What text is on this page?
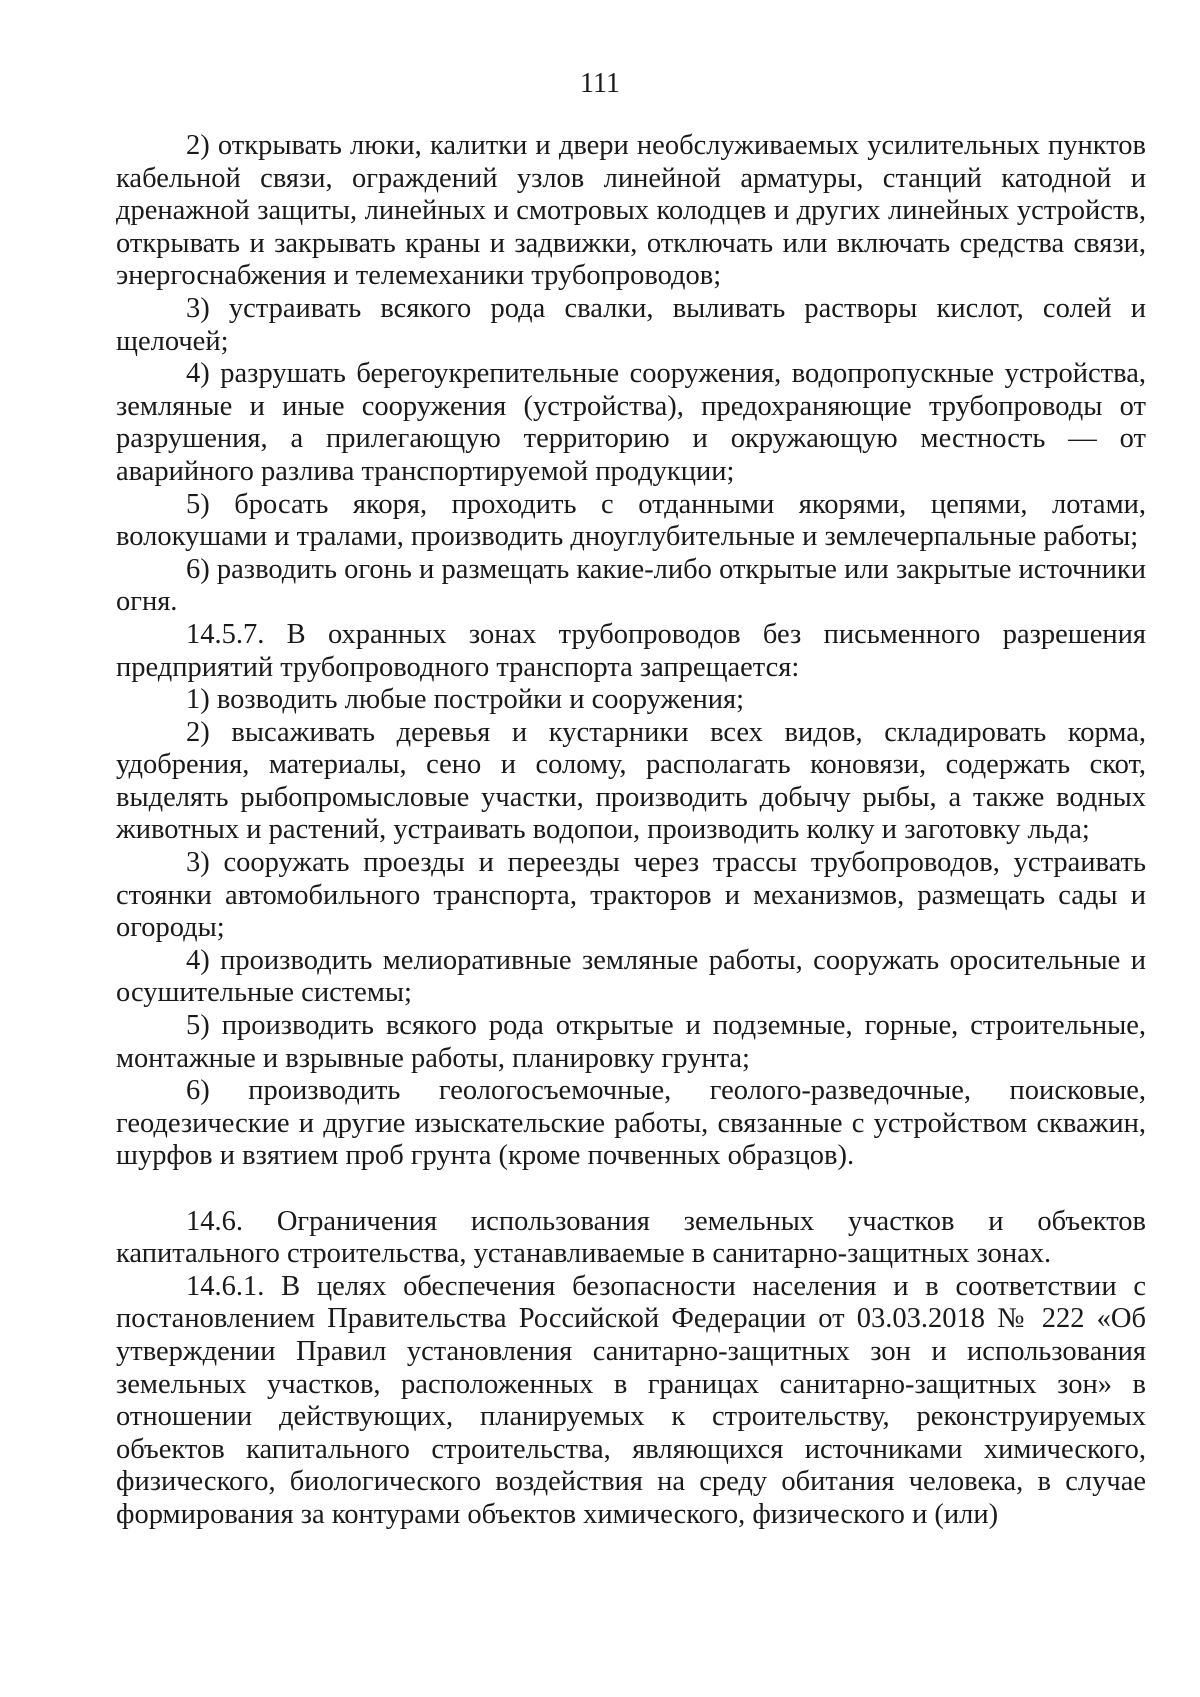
111

2) открывать люки, калитки и двери необслуживаемых усилительных пунктов кабельной связи, ограждений узлов линейной арматуры, станций катодной и дренажной защиты, линейных и смотровых колодцев и других линейных устройств, открывать и закрывать краны и задвижки, отключать или включать средства связи, энергоснабжения и телемеханики трубопроводов;

3) устраивать всякого рода свалки, выливать растворы кислот, солей и щелочей;

4) разрушать берегоукрепительные сооружения, водопропускные устройства, земляные и иные сооружения (устройства), предохраняющие трубопроводы от разрушения, а прилегающую территорию и окружающую местность — от аварийного разлива транспортируемой продукции;

5) бросать якоря, проходить с отданными якорями, цепями, лотами, волокушами и тралами, производить дноуглубительные и землечерпальные работы;

6) разводить огонь и размещать какие-либо открытые или закрытые источники огня.

14.5.7. В охранных зонах трубопроводов без письменного разрешения предприятий трубопроводного транспорта запрещается:

1) возводить любые постройки и сооружения;

2) высаживать деревья и кустарники всех видов, складировать корма, удобрения, материалы, сено и солому, располагать коновязи, содержать скот, выделять рыбопромысловые участки, производить добычу рыбы, а также водных животных и растений, устраивать водопои, производить колку и заготовку льда;

3) сооружать проезды и переезды через трассы трубопроводов, устраивать стоянки автомобильного транспорта, тракторов и механизмов, размещать сады и огороды;

4) производить мелиоративные земляные работы, сооружать оросительные и осушительные системы;

5) производить всякого рода открытые и подземные, горные, строительные, монтажные и взрывные работы, планировку грунта;

6) производить геологосъемочные, геолого-разведочные, поисковые, геодезические и другие изыскательские работы, связанные с устройством скважин, шурфов и взятием проб грунта (кроме почвенных образцов).

14.6. Ограничения использования земельных участков и объектов капитального строительства, устанавливаемые в санитарно-защитных зонах.

14.6.1. В целях обеспечения безопасности населения и в соответствии с постановлением Правительства Российской Федерации от 03.03.2018 № 222 «Об утверждении Правил установления санитарно-защитных зон и использования земельных участков, расположенных в границах санитарно-защитных зон» в отношении действующих, планируемых к строительству, реконструируемых объектов капитального строительства, являющихся источниками химического, физического, биологического воздействия на среду обитания человека, в случае формирования за контурами объектов химического, физического и (или)
